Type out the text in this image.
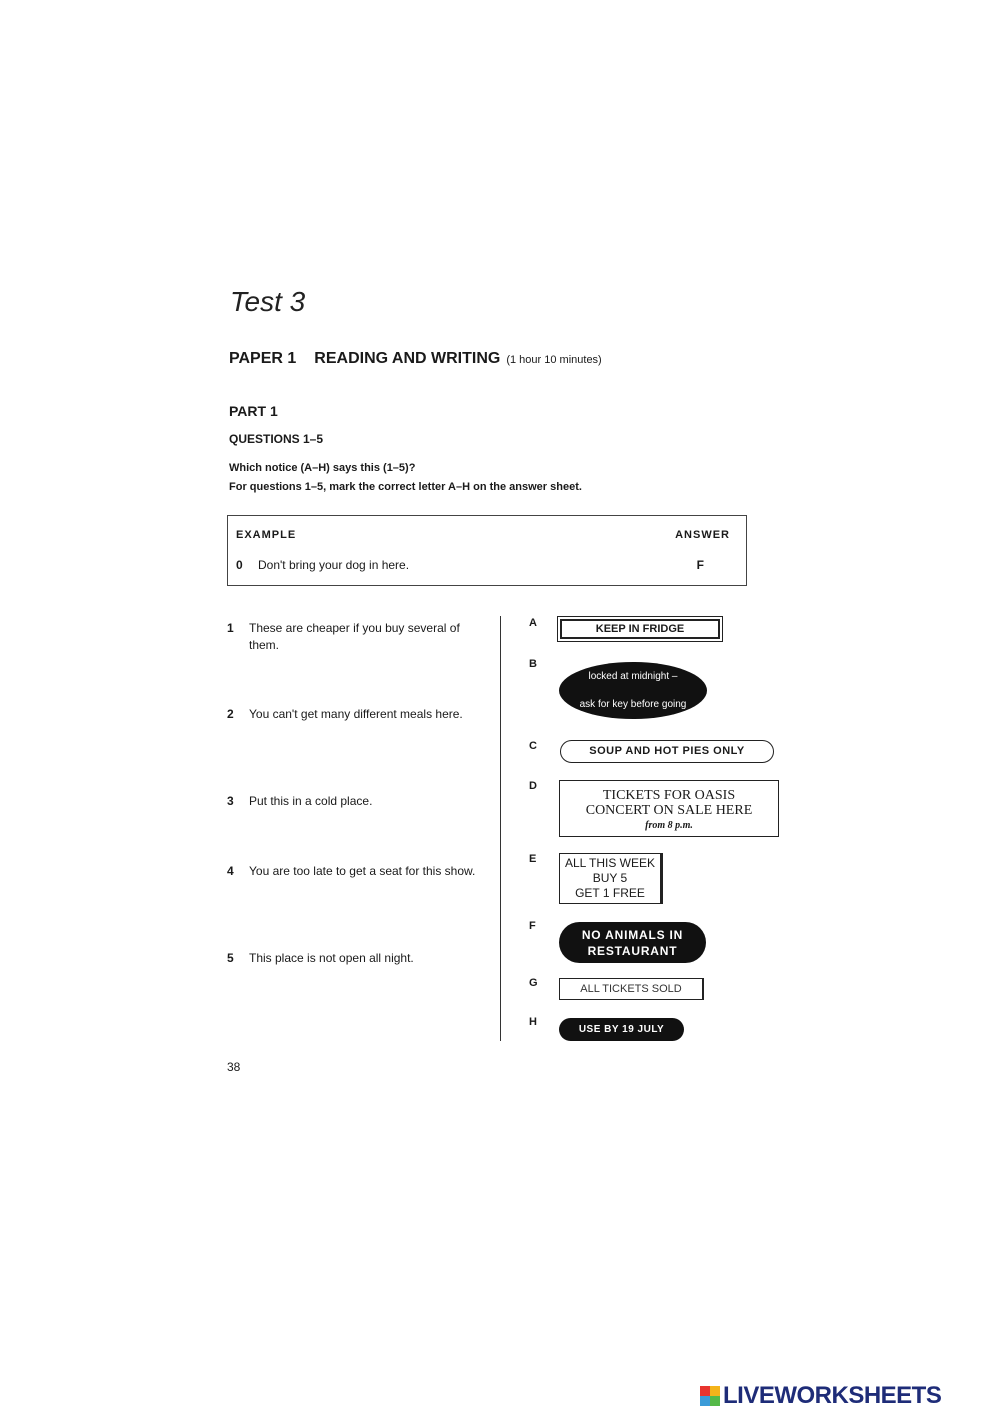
Test 3
PAPER 1 READING AND WRITING (1 hour 10 minutes)
PART 1
QUESTIONS 1–5
Which notice (A–H) says this (1–5)?
For questions 1–5, mark the correct letter A–H on the answer sheet.
EXAMPLE	ANSWER
0 Don't bring your dog in here.	F
1 These are cheaper if you buy several of them.
2 You can't get many different meals here.
3 Put this in a cold place.
4 You are too late to get a seat for this show.
5 This place is not open all night.
A
B
C
D
E
F
G
H
KEEP IN FRIDGE
Door

locked at midnight –

ask for key before going

out.
SOUP AND HOT PIES ONLY
TICKETS FOR OASIS
CONCERT ON SALE HERE
from 8 p.m.
ALL THIS WEEK
BUY 5
GET 1 FREE
NO ANIMALS IN
RESTAURANT
ALL TICKETS SOLD
USE BY 19 JULY
38
LIVEWORKSHEETS
